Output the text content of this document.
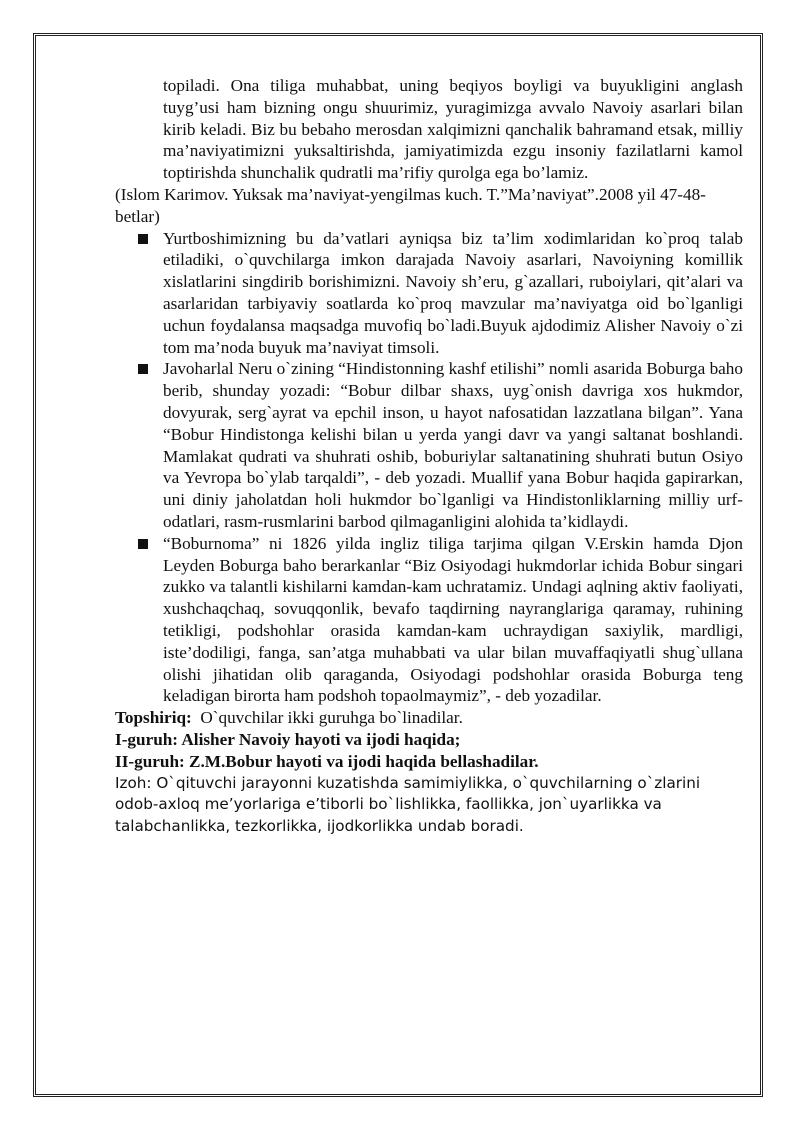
topiladi. Ona tiliga muhabbat, uning beqiyos boyligi va buyukligini anglash tuyg’usi ham bizning ongu shuurimiz, yuragimizga avvalo Navoiy asarlari bilan kirib keladi. Biz bu bebaho merosdan xalqimizni qanchalik bahramand etsak, milliy ma’naviyatimizni yuksaltirishda, jamiyatimizda ezgu insoniy fazilatlarni kamol toptirishda shunchalik qudratli ma’rifiy qurolga ega bo’lamiz.

(Islom Karimov. Yuksak ma’naviyat-yengilmas kuch. T.”Ma’naviyat”.2008 yil 47-48-betlar)

Yurtboshimizning bu da’vatlari ayniqsa biz ta’lim xodimlaridan ko`proq talab etiladiki, o`quvchilarga imkon darajada Navoiy asarlari, Navoiyning komillik xislatlarini singdirib borishimizni. Navoiy sh’eru, g`azallari, ruboiylari, qit’alari va asarlaridan tarbiyaviy soatlarda ko`proq mavzular ma’naviyatga oid bo`lganligi uchun foydalansa maqsadga muvofiq bo`ladi.Buyuk ajdodimiz Alisher Navoiy o`zi tom ma’noda buyuk ma’naviyat timsoli.
Javoharlal Neru o`zining “Hindistonning kashf etilishi” nomli asarida Boburga baho berib, shunday yozadi: “Bobur dilbar shaxs, uyg`onish davriga xos hukmdor, dovyurak, serg`ayrat va epchil inson, u hayot nafosatidan lazzatlana bilgan”. Yana “Bobur Hindistonga kelishi bilan u yerda yangi davr va yangi saltanat boshlandi. Mamlakat qudrati va shuhrati oshib, boburiylar saltanatining shuhrati butun Osiyo va Yevropa bo`ylab tarqaldi”, - deb yozadi. Muallif yana Bobur haqida gapirarkan, uni diniy jaholatdan holi hukmdor bo`lganligi va Hindistonliklarning milliy urf-odatlari, rasm-rusmlarini barbod qilmaganligini alohida ta’kidlaydi.
“Boburnoma” ni 1826 yilda ingliz tiliga tarjima qilgan V.Erskin hamda Djon Leyden Boburga baho berarkanlar “Biz Osiyodagi hukmdorlar ichida Bobur singari zukko va talantli kishilarni kamdan-kam uchratamiz. Undagi aqlning aktiv faoliyati, xushchaqchaq, sovuqqonlik, bevafo taqdirning nayranglariga qaramay, ruhining tetikligi, podshohlar orasida kamdan-kam uchraydigan saxiylik, mardligi, iste’dodiligi, fanga, san’atga muhabbati va ular bilan muvaffaqiyatli shug`ullana olishi jihatidan olib qaraganda, Osiyodagi podshohlar orasida Boburga teng keladigan birorta ham podshoh topaolmaymiz”, - deb yozadilar.

Topshiriq:  O`quvchilar ikki guruhga bo`linadilar.

I-guruh: Alisher Navoiy hayoti va ijodi haqida;

II-guruh: Z.M.Bobur hayoti va ijodi haqida bellashadilar.

Izoh: O`qituvchi jarayonni kuzatishda samimiylikka, o`quvchilarning o`zlarini odob-axloq me’yorlariga e’tiborli bo`lishlikka, faollikka, jon`uyarlikka va talabchanlikka, tezkorlikka, ijodkorlikka undab boradi.
